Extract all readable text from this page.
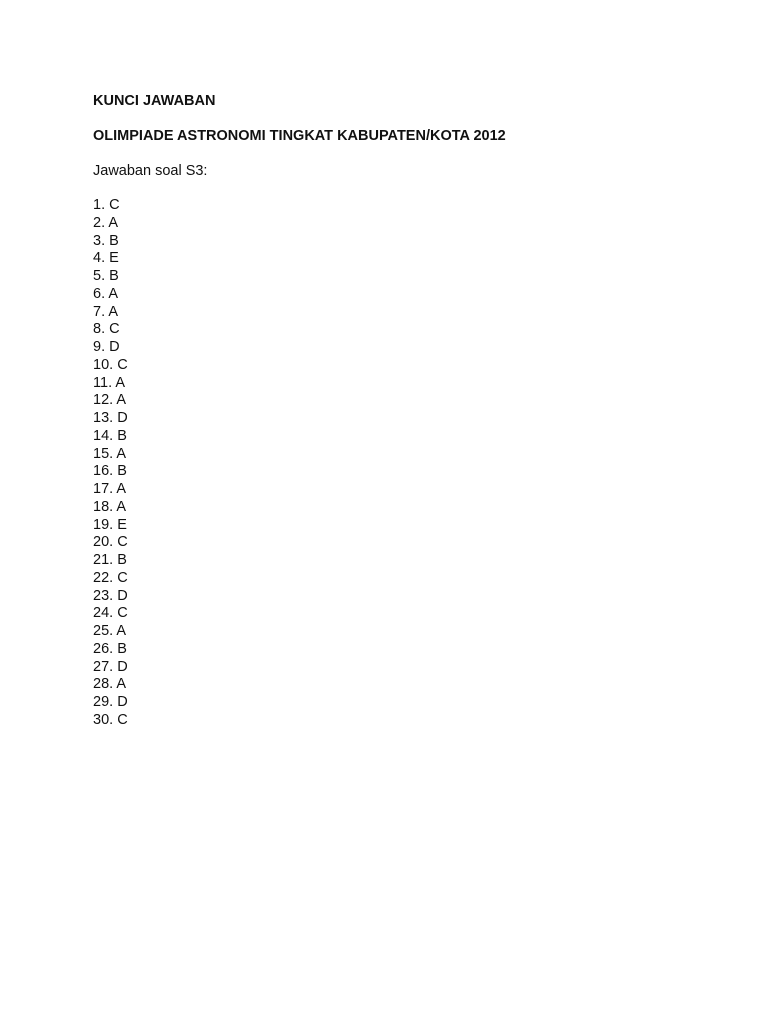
KUNCI JAWABAN

OLIMPIADE ASTRONOMI TINGKAT KABUPATEN/KOTA 2012

Jawaban soal S3:

1 . C
2 . A
3 . B
4 . E
5 . B
6 . A
7 . A
8 . C
9 . D
10 . C
11 . A
12 . A
13 . D
14 . B
15 . A
16 . B
17 . A
18 . A
19 . E
20 . C
21 . B
22 . C
23 . D
24 . C
25 . A
26 . B
27 . D
28 . A
29 . D
30 . C
